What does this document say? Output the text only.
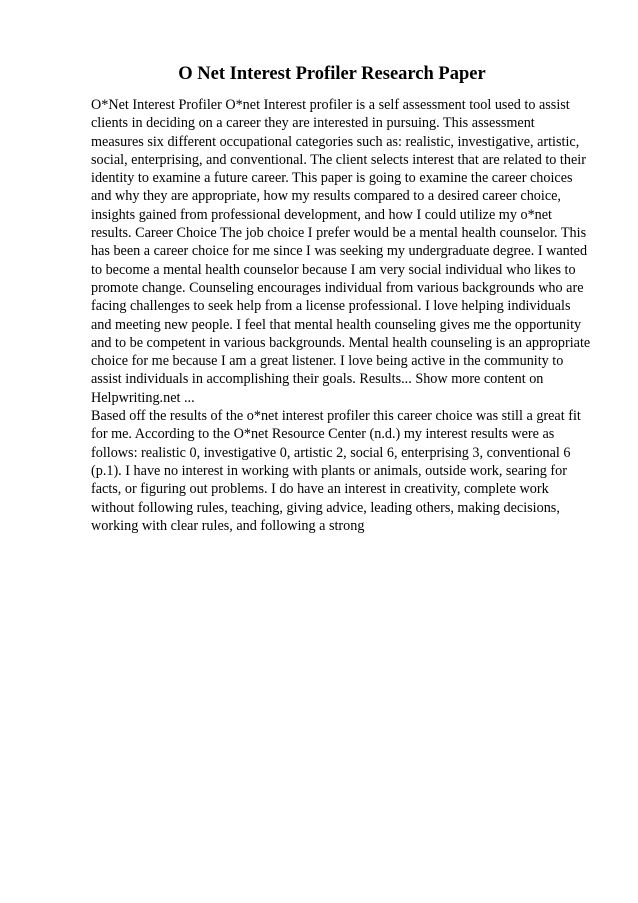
O Net Interest Profiler Research Paper

O*Net Interest Profiler O*net Interest profiler is a self assessment tool used to assist clients in deciding on a career they are interested in pursuing. This assessment measures six different occupational categories such as: realistic, investigative, artistic, social, enterprising, and conventional. The client selects interest that are related to their identity to examine a future career. This paper is going to examine the career choices and why they are appropriate, how my results compared to a desired career choice, insights gained from professional development, and how I could utilize my o*net results. Career Choice The job choice I prefer would be a mental health counselor. This has been a career choice for me since I was seeking my undergraduate degree. I wanted to become a mental health counselor because I am very social individual who likes to promote change. Counseling encourages individual from various backgrounds who are facing challenges to seek help from a license professional. I love helping individuals and meeting new people. I feel that mental health counseling gives me the opportunity and to be competent in various backgrounds. Mental health counseling is an appropriate choice for me because I am a great listener. I love being active in the community to assist individuals in accomplishing their goals. Results... Show more content on Helpwriting.net ...

Based off the results of the o*net interest profiler this career choice was still a great fit for me. According to the O*net Resource Center (n.d.) my interest results were as follows: realistic 0, investigative 0, artistic 2, social 6, enterprising 3, conventional 6 (p.1). I have no interest in working with plants or animals, outside work, searing for facts, or figuring out problems. I do have an interest in creativity, complete work without following rules, teaching, giving advice, leading others, making decisions, working with clear rules, and following a strong
